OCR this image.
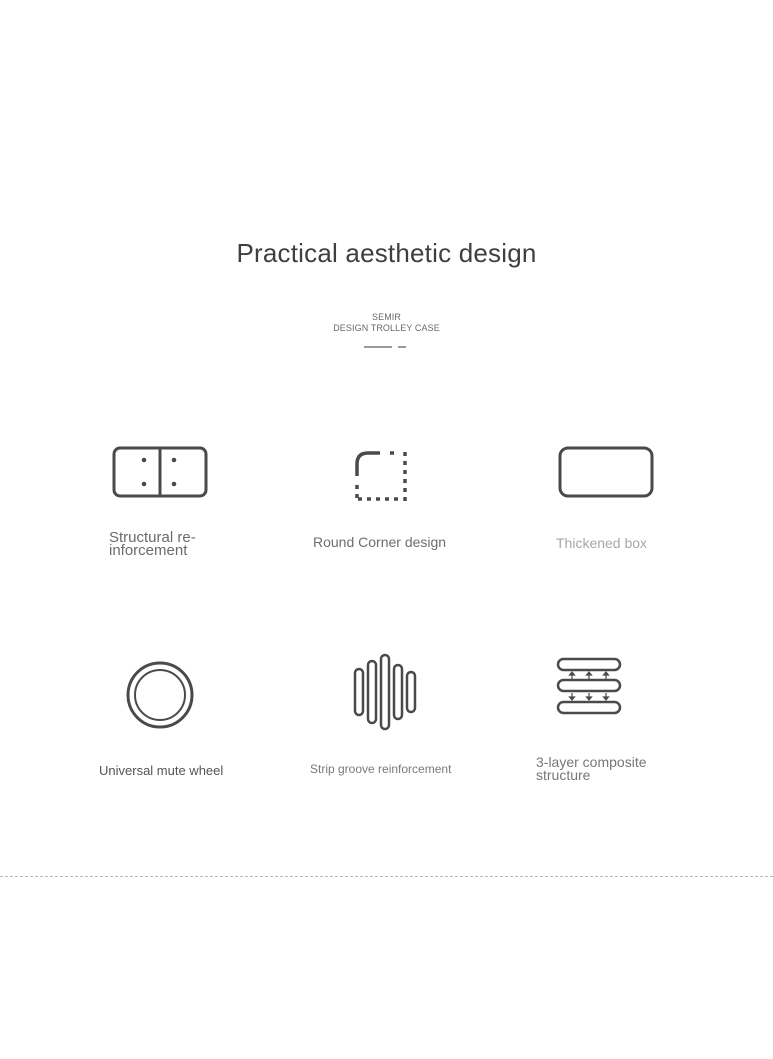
Practical aesthetic design
SEMIR
DESIGN TROLLEY CASE
Structural re-inforcement	Round Corner design	Thickened box
Universal mute wheel	Strip groove reinforcement	3-layer composite structure
